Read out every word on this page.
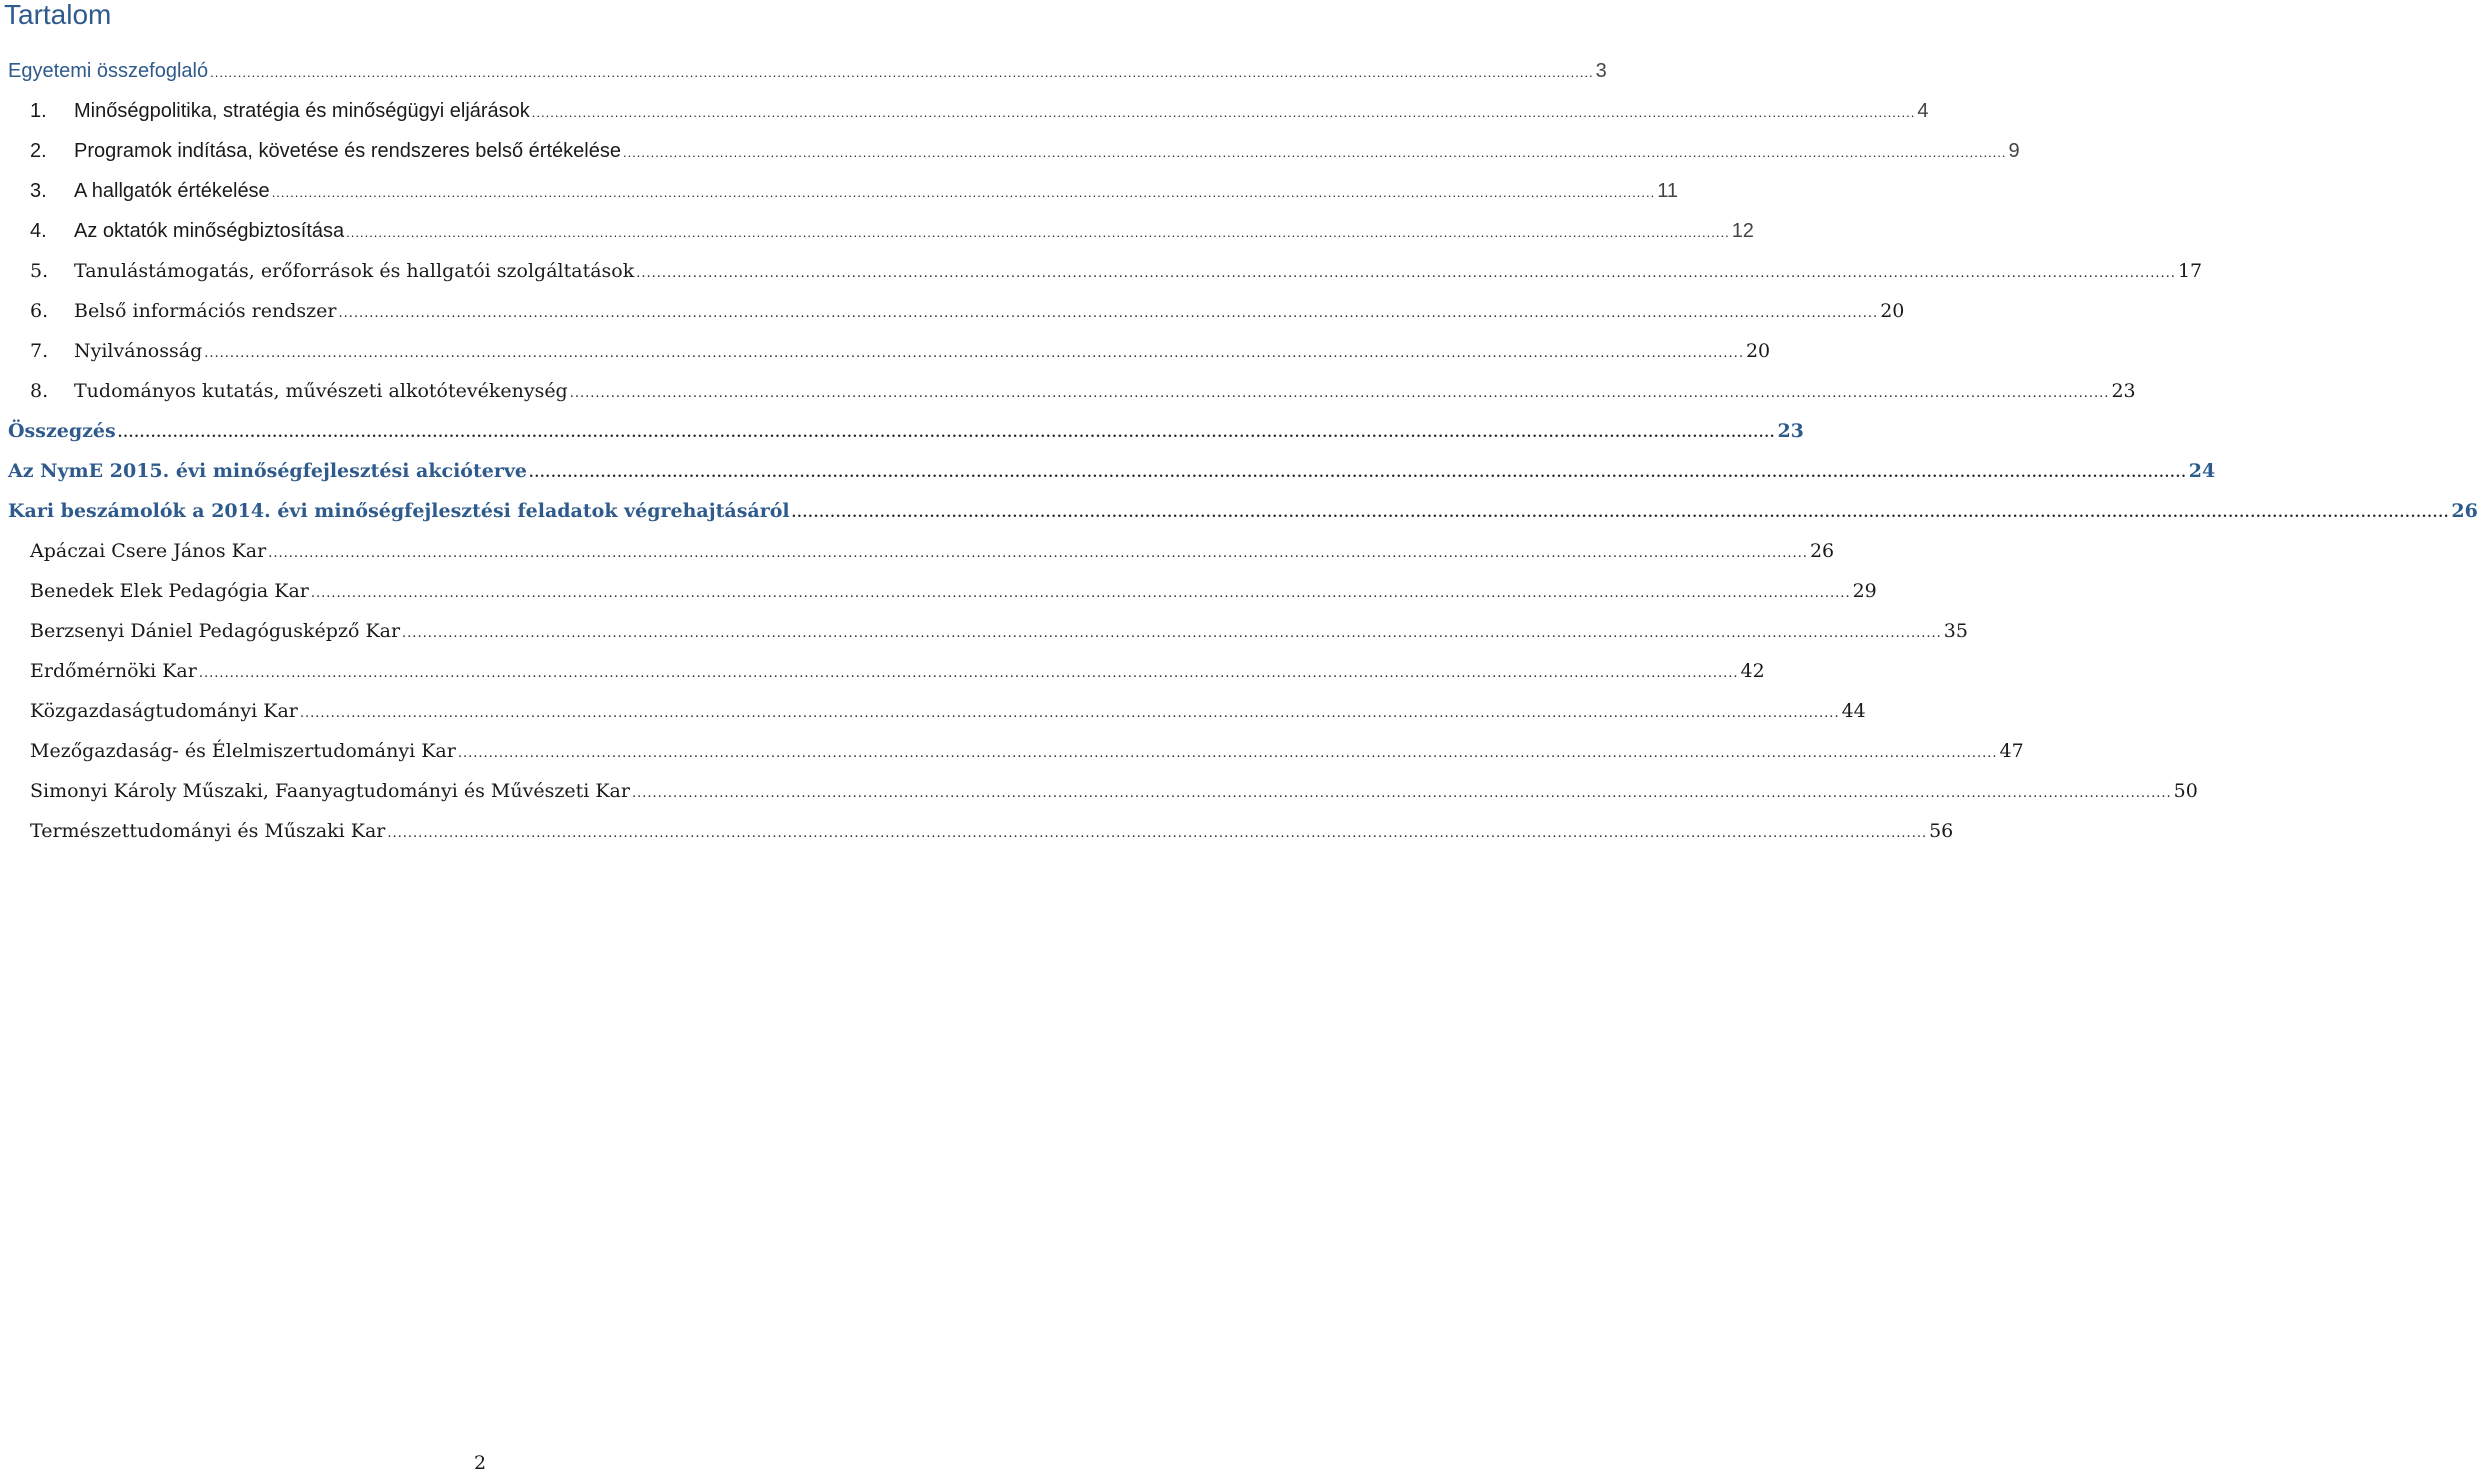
Tartalom
Egyetemi összefoglaló ............................................................................................................................................................................................................................................................................................................ 3
1.	Minőségpolitika, stratégia és minőségügyi eljárások ............................................................................................................................................................................................................................................................................................................ 4
2.	Programok indítása, követése és rendszeres belső értékelése ............................................................................................................................................................................................................................................................................................................ 9
3.	A hallgatók értékelése ............................................................................................................................................................................................................................................................................................................ 11
4.	Az oktatók minőségbiztosítása ............................................................................................................................................................................................................................................................................................................ 12
5.	Tanulástámogatás, erőforrások és hallgatói szolgáltatások ............................................................................................................................................................................................................................................................................................................ 17
6.	Belső információs rendszer ............................................................................................................................................................................................................................................................................................................ 20
7.	Nyilvánosság ............................................................................................................................................................................................................................................................................................................ 20
8.	Tudományos kutatás, művészeti alkotótevékenység ............................................................................................................................................................................................................................................................................................................ 23
Összegzés ............................................................................................................................................................................................................................................................................................................ 23
Az NymE 2015. évi minőségfejlesztési akcióterve ............................................................................................................................................................................................................................................................................................................ 24
Kari beszámolók a 2014. évi minőségfejlesztési feladatok végrehajtásáról ............................................................................................................................................................................................................................................................................................................ 26
Apáczai Csere János Kar ............................................................................................................................................................................................................................................................................................................ 26
Benedek Elek Pedagógia Kar ............................................................................................................................................................................................................................................................................................................ 29
Berzsenyi Dániel Pedagógusképző Kar ............................................................................................................................................................................................................................................................................................................ 35
Erdőmérnöki Kar ............................................................................................................................................................................................................................................................................................................ 42
Közgazdaságtudományi Kar ............................................................................................................................................................................................................................................................................................................ 44
Mezőgazdaság- és Élelmiszertudományi Kar ............................................................................................................................................................................................................................................................................................................ 47
Simonyi Károly Műszaki, Faanyagtudományi és Művészeti Kar ............................................................................................................................................................................................................................................................................................................ 50
Természettudományi és Műszaki Kar ............................................................................................................................................................................................................................................................................................................ 56
2
